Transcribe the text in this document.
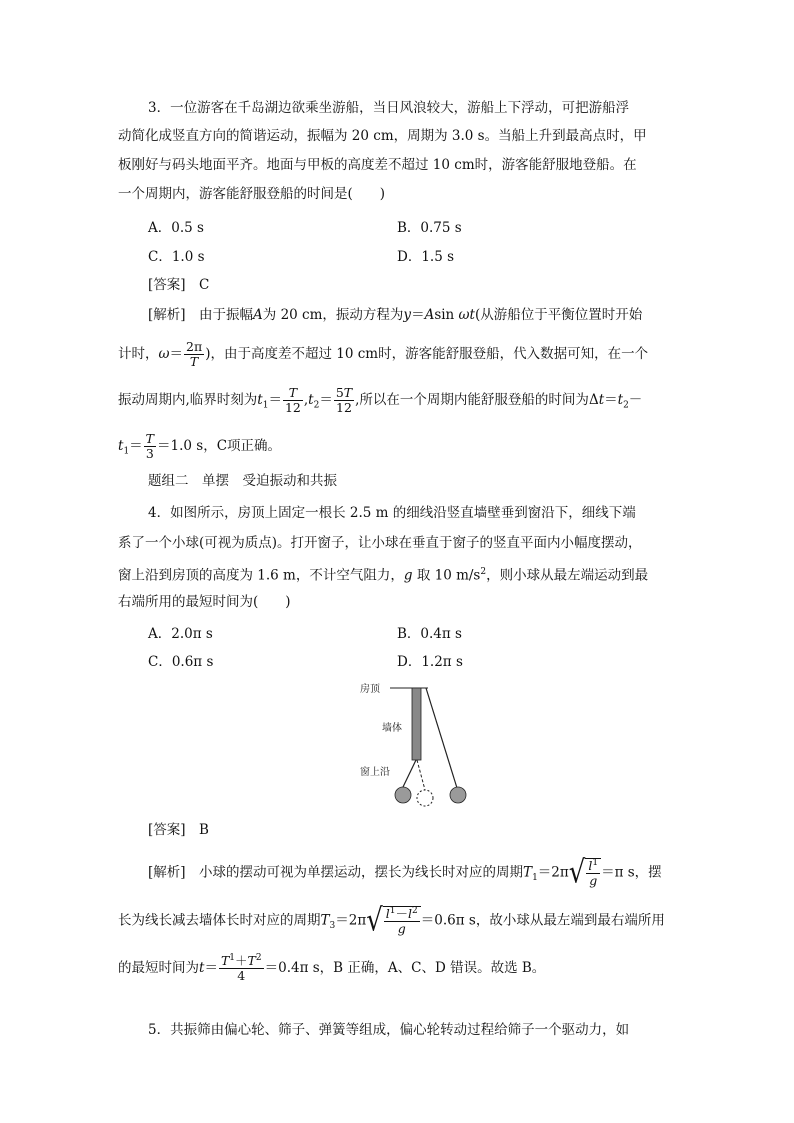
3．一位游客在千岛湖边欲乘坐游船，当日风浪较大，游船上下浮动，可把游船浮
动简化成竖直方向的简谐运动，振幅为 20 cm，周期为 3.0 s。当船上升到最高点时，甲
板刚好与码头地面平齐。地面与甲板的高度差不超过 10 cm时，游客能舒服地登船。在
一个周期内，游客能舒服登船的时间是(　　)
A．0.5 s	B．0.75 s
C．1.0 s	D．1.5 s
[答案]　C
[解析]　由于振幅A为 20 cm，振动方程为y＝Asin ωt(从游船位于平衡位置时开始
计时，$\omega= \frac{2\pi}{T}$ )，由于高度差不超过 10 cm时，游客能舒服登船，代入数据可知，在一个
振动周期内,临界时刻为$t_1= \frac{T}{12} ,t_2= \frac{5T}{12}$ ,所以在一个周期内能舒服登船的时间为$\Delta t=t_2-$
$t_1= \frac{T}{3} =1.0$ s，C项正确。
题组二　单摆　受迫振动和共振
4．如图所示，房顶上固定一根长 2.5 m 的细线沿竖直墙壁垂到窗沿下，细线下端
系了一个小球(可视为质点)。打开窗子，让小球在垂直于窗子的竖直平面内小幅度摆动，
窗上沿到房顶的高度为 1.6 m，不计空气阻力，g 取 10 $m/s^2$，则小球从最左端运动到最
右端所用的最短时间为(　　)
A．2.0π s	B．0.4π s
C．0.6π s	D．1.2π s
房顶
墙体
窗上沿
[答案]　B
[解析]　小球的摆动可视为单摆运动，摆长为线长时对应的周期$T_1=2\pi√ \frac{l^1}{g} =\pi$ s，摆
长为线长减去墙体长时对应的周期$T_3=2\pi√ \frac{l^1-l^2}{g} =0.6\pi$ s，故小球从最左端到最右端所用
的最短时间为$t= \frac{T^1+T^2}{4} =0.4\pi$ s，B 正确，A、C、D 错误。故选 B。
5．共振筛由偏心轮、筛子、弹簧等组成，偏心轮转动过程给筛子一个驱动力，如
